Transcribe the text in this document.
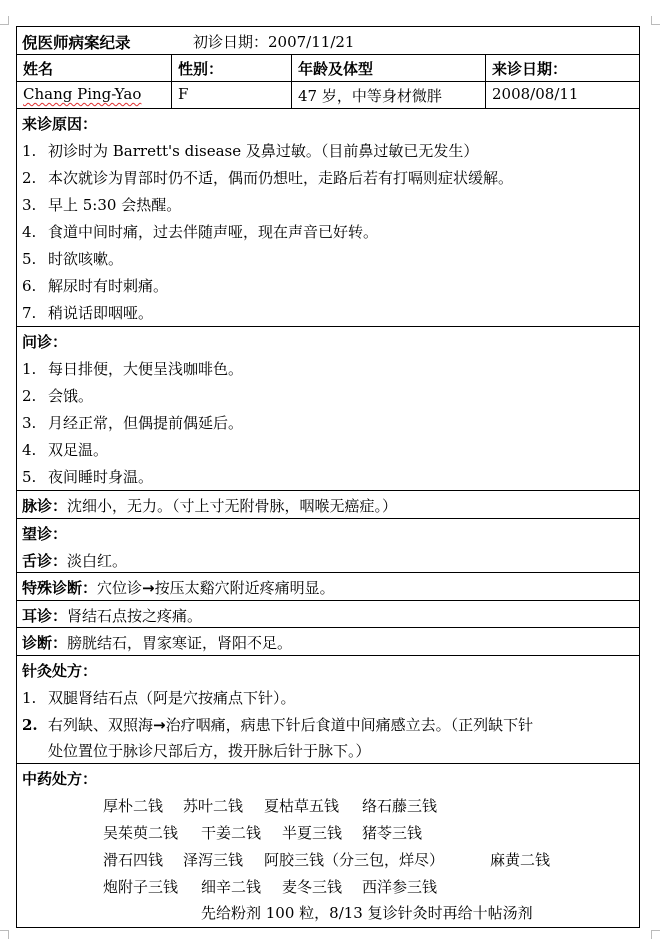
倪医师病案纪录	初诊日期：2007/11/21
姓名	性别：	年龄及体型	来诊日期：
Chang Ping-Yao	F	47 岁，中等身材微胖	2008/08/11
来诊原因：
1. 初诊时为 Barrett's disease 及鼻过敏。（目前鼻过敏已无发生）
2. 本次就诊为胃部时仍不适，偶而仍想吐，走路后若有打嗝则症状缓解。
3. 早上 5:30 会热醒。
4. 食道中间时痛，过去伴随声哑，现在声音已好转。
5. 时欲咳嗽。
6. 解尿时有时刺痛。
7. 稍说话即咽哑。
问诊：
1. 每日排便，大便呈浅咖啡色。
2. 会饿。
3. 月经正常，但偶提前偶延后。
4. 双足温。
5. 夜间睡时身温。
脉诊：沈细小，无力。（寸上寸无附骨脉，咽喉无癌症。）
望诊：
舌诊：淡白红。
特殊诊断：穴位诊→按压太谿穴附近疼痛明显。
耳诊：肾结石点按之疼痛。
诊断：膀胱结石，胃家寒证，肾阳不足。
针灸处方：
1. 双腿肾结石点（阿是穴按痛点下针）。
2. 右列缺、双照海→治疗咽痛，病患下针后食道中间痛感立去。（正列缺下针
处位置位于脉诊尺部后方，拨开脉后针于脉下。）
中药处方：
厚朴二钱 苏叶二钱 夏枯草五钱 络石藤三钱
吴茱萸二钱 干姜二钱 半夏三钱 猪苓三钱
滑石四钱 泽泻三钱 阿胶三钱（分三包，烊尽）	麻黄二钱
炮附子三钱 细辛二钱 麦冬三钱 西洋参三钱
先给粉剂 100 粒，8/13 复诊针灸时再给十帖汤剂
